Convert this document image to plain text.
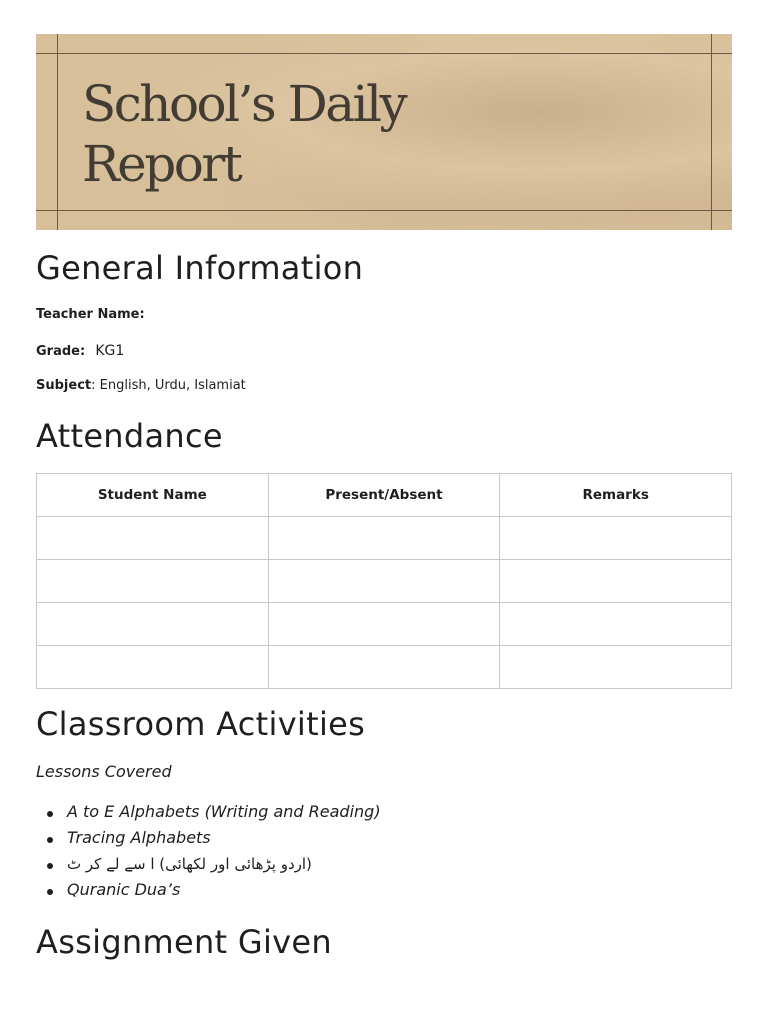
School’s Daily Report
General Information
Teacher Name:
Grade: KG1
Subject: English, Urdu, Islamiat
Attendance
Student Name	Present/Absent	Remarks

Classroom Activities
Lessons Covered
A to E Alphabets (Writing and Reading)
Tracing Alphabets
(اردو پڑھائی اور لکھائی) ا سے لے کر ٹ
Quranic Dua’s
Assignment Given
